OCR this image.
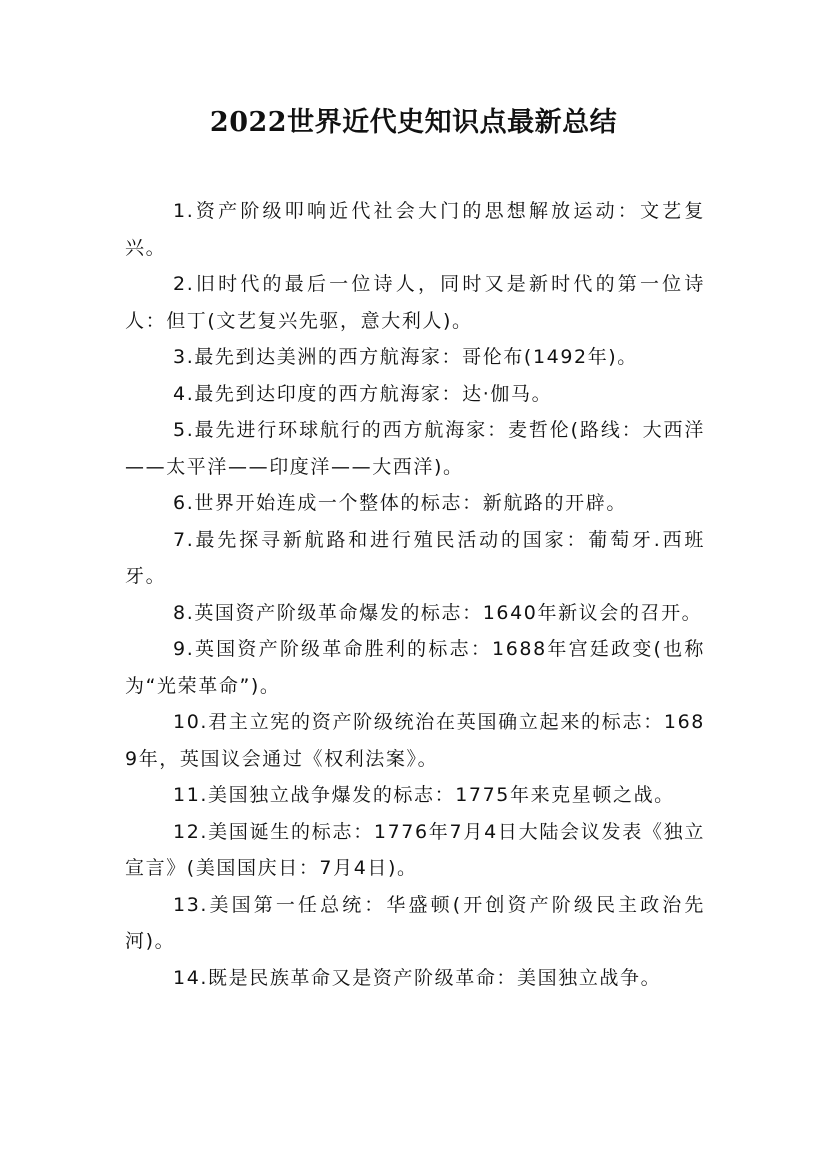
2022世界近代史知识点最新总结

1.资产阶级叩响近代社会大门的思想解放运动：文艺复兴。

2.旧时代的最后一位诗人，同时又是新时代的第一位诗人：但丁(文艺复兴先驱，意大利人)。

3.最先到达美洲的西方航海家：哥伦布(1492年)。

4.最先到达印度的西方航海家：达·伽马。

5.最先进行环球航行的西方航海家：麦哲伦(路线：大西洋——太平洋——印度洋——大西洋)。

6.世界开始连成一个整体的标志：新航路的开辟。

7.最先探寻新航路和进行殖民活动的国家：葡萄牙.西班牙。

8.英国资产阶级革命爆发的标志：1640年新议会的召开。

9.英国资产阶级革命胜利的标志：1688年宫廷政变(也称为“光荣革命”)。

10.君主立宪的资产阶级统治在英国确立起来的标志：1689年，英国议会通过《权利法案》。

11.美国独立战争爆发的标志：1775年来克星顿之战。

12.美国诞生的标志：1776年7月4日大陆会议发表《独立宣言》(美国国庆日：7月4日)。

13.美国第一任总统：华盛顿(开创资产阶级民主政治先河)。

14.既是民族革命又是资产阶级革命：美国独立战争。
